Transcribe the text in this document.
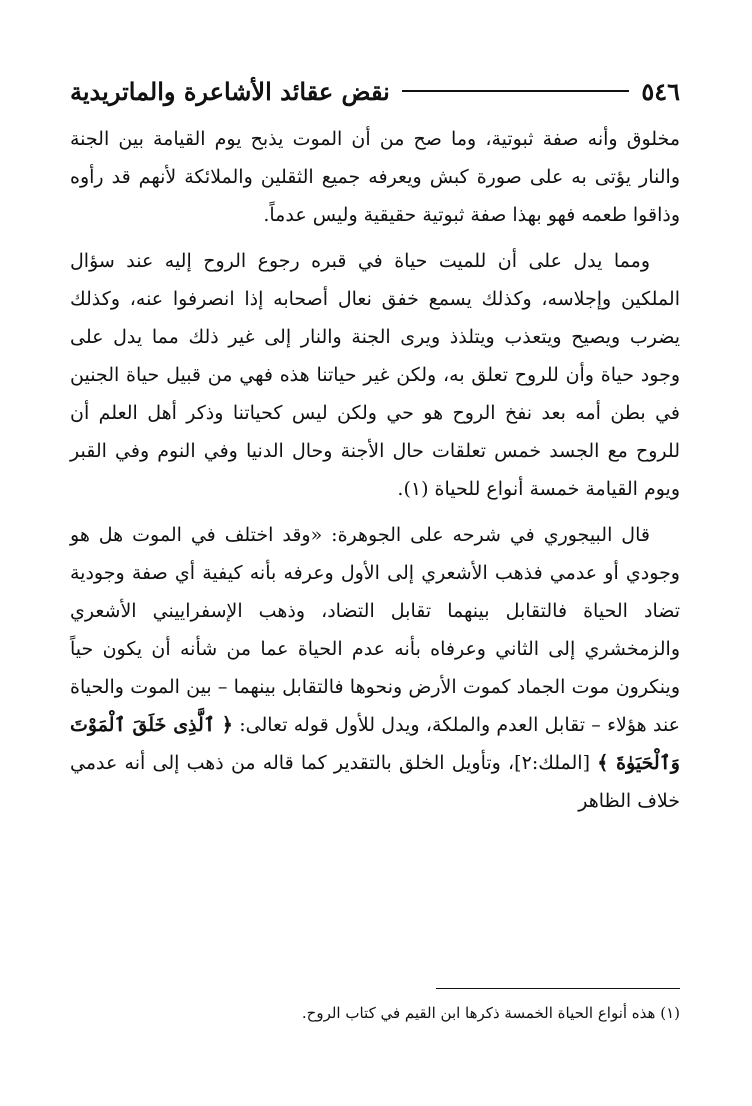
٥٤٦
نقض عقائد الأشاعرة والماتريدية

مخلوق وأنه صفة ثبوتية، وما صح من أن الموت يذبح يوم القيامة بين الجنة والنار يؤتى به على صورة كبش ويعرفه جميع الثقلين والملائكة لأنهم قد رأوه وذاقوا طعمه فهو بهذا صفة ثبوتية حقيقية وليس عدماً.

ومما يدل على أن للميت حياة في قبره رجوع الروح إليه عند سؤال الملكين وإجلاسه، وكذلك يسمع خفق نعال أصحابه إذا انصرفوا عنه، وكذلك يضرب ويصيح ويتعذب ويتلذذ ويرى الجنة والنار إلى غير ذلك مما يدل على وجود حياة وأن للروح تعلق به، ولكن غير حياتنا هذه فهي من قبيل حياة الجنين في بطن أمه بعد نفخ الروح هو حي ولكن ليس كحياتنا وذكر أهل العلم أن للروح مع الجسد خمس تعلقات حال الأجنة وحال الدنيا وفي النوم وفي القبر ويوم القيامة خمسة أنواع للحياة (١).

قال البيجوري في شرحه على الجوهرة: «وقد اختلف في الموت هل هو وجودي أو عدمي فذهب الأشعري إلى الأول وعرفه بأنه كيفية أي صفة وجودية تضاد الحياة فالتقابل بينهما تقابل التضاد، وذهب الإسفراييني الأشعري والزمخشري إلى الثاني وعرفاه بأنه عدم الحياة عما من شأنه أن يكون حياً وينكرون موت الجماد كموت الأرض ونحوها فالتقابل بينهما – بين الموت والحياة عند هؤلاء – تقابل العدم والملكة، ويدل للأول قوله تعالى: ﴿ ٱلَّذِى خَلَقَ ٱلْمَوْتَ وَٱلْحَيَوٰةَ ﴾ [الملك:٢]، وتأويل الخلق بالتقدير كما قاله من ذهب إلى أنه عدمي خلاف الظاهر

(١) هذه أنواع الحياة الخمسة ذكرها ابن القيم في كتاب الروح.
